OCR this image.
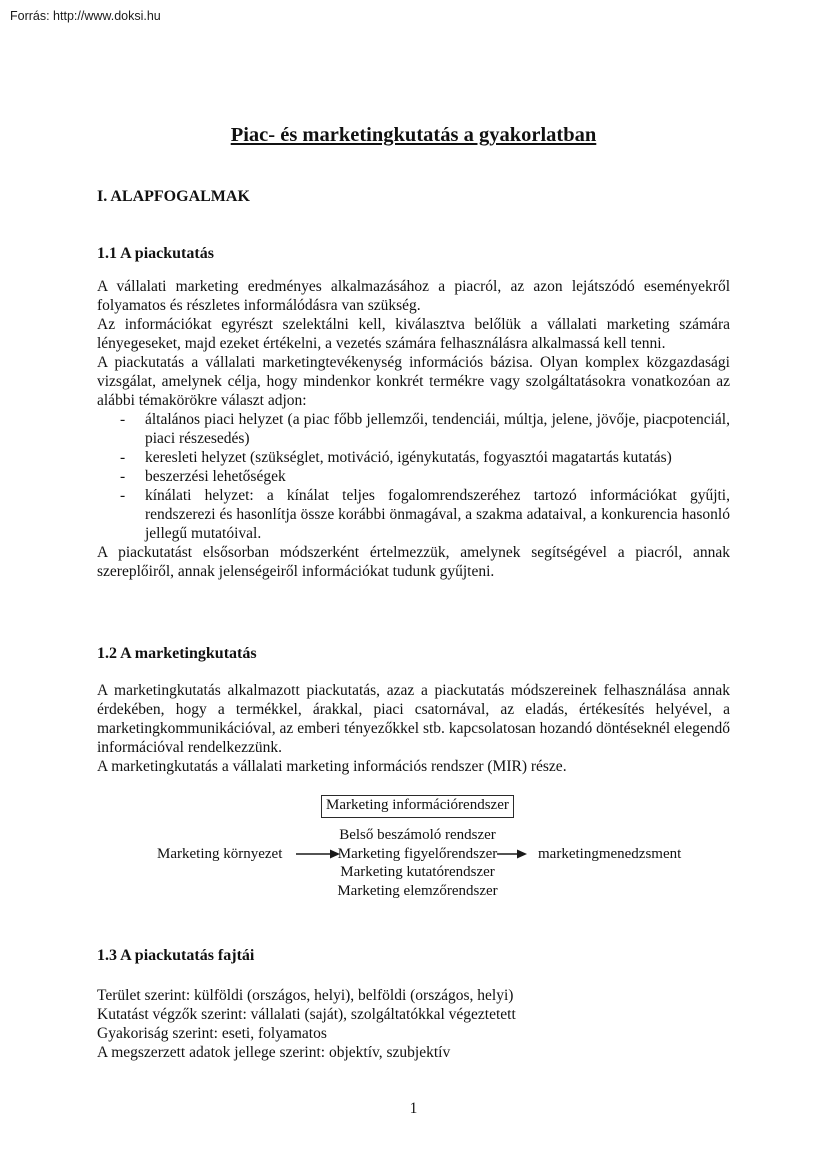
Forrás: http://www.doksi.hu
Piac- és marketingkutatás a gyakorlatban
I. ALAPFOGALMAK
1.1 A piackutatás

A vállalati marketing eredményes alkalmazásához a piacról, az azon lejátszódó eseményekről folyamatos és részletes informálódásra van szükség.

Az információkat egyrészt szelektálni kell, kiválasztva belőlük a vállalati marketing számára lényegeseket, majd ezeket értékelni, a vezetés számára felhasználásra alkalmassá kell tenni.

A piackutatás a vállalati marketingtevékenység információs bázisa. Olyan komplex közgazdasági vizsgálat, amelynek célja, hogy mindenkor konkrét termékre vagy szolgáltatásokra vonatkozóan az alábbi témakörökre választ adjon:

-	általános piaci helyzet (a piac főbb jellemzői, tendenciái, múltja, jelene, jövője, piacpotenciál, piaci részesedés)
-	keresleti helyzet (szükséglet, motiváció, igénykutatás, fogyasztói magatartás kutatás)
-	beszerzési lehetőségek
-	kínálati helyzet: a kínálat teljes fogalomrendszeréhez tartozó információkat gyűjti, rendszerezi és hasonlítja össze korábbi önmagával, a szakma adataival, a konkurencia hasonló jellegű mutatóival.

A piackutatást elsősorban módszerként értelmezzük, amelynek segítségével a piacról, annak szereplőiről, annak jelenségeiről információkat tudunk gyűjteni.

1.2 A marketingkutatás

A marketingkutatás alkalmazott piackutatás, azaz a piackutatás módszereinek felhasználása annak érdekében, hogy a termékkel, árakkal, piaci csatornával, az eladás, értékesítés helyével, a marketingkommunikációval, az emberi tényezőkkel stb. kapcsolatosan hozandó döntéseknél elegendő információval rendelkezzünk.

A marketingkutatás a vállalati marketing információs rendszer (MIR) része.

Marketing információrendszer
Marketing környezet
Belső beszámoló rendszer
Marketing figyelőrendszer
Marketing kutatórendszer
Marketing elemzőrendszer
marketingmenedzsment
1.3 A piackutatás fajtái

Terület szerint: külföldi (országos, helyi), belföldi (országos, helyi)

Kutatást végzők szerint: vállalati (saját), szolgáltatókkal végeztetett

Gyakoriság szerint: eseti, folyamatos

A megszerzett adatok jellege szerint: objektív, szubjektív

1
